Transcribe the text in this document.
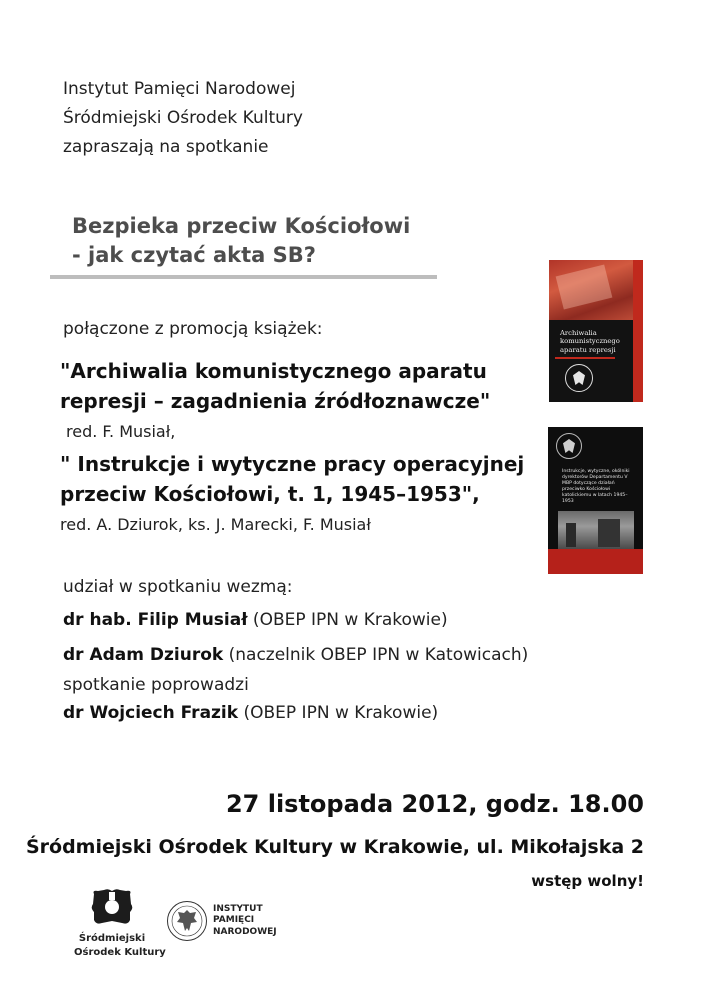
Instytut Pamięci Narodowej
Śródmiejski Ośrodek Kultury
zapraszają na spotkanie
Bezpieka przeciw Kościołowi
- jak czytać akta SB?
połączone z promocją książek:
"Archiwalia komunistycznego aparatu
represji – zagadnienia źródłoznawcze"
red. F. Musiał,
" Instrukcje i wytyczne pracy operacyjnej
przeciw Kościołowi, t. 1, 1945–1953",
red. A. Dziurok, ks. J. Marecki, F. Musiał
Archiwalia komunistycznego aparatu represji
Instrukcje, wytyczne, okólniki dyrektorów Departamentu V MBP dotyczące działań przeciwko Kościołowi katolickiemu w latach 1945–1953
udział w spotkaniu wezmą:
dr hab. Filip Musiał (OBEP IPN w Krakowie)
dr Adam Dziurok (naczelnik OBEP IPN w Katowicach)
spotkanie poprowadzi
dr Wojciech Frazik (OBEP IPN w Krakowie)
27 listopada 2012, godz. 18.00
Śródmiejski Ośrodek Kultury w Krakowie, ul. Mikołajska 2
wstęp wolny!
Śródmiejski
Ośrodek Kultury
INSTYTUT
PAMIĘCI
NARODOWEJ
